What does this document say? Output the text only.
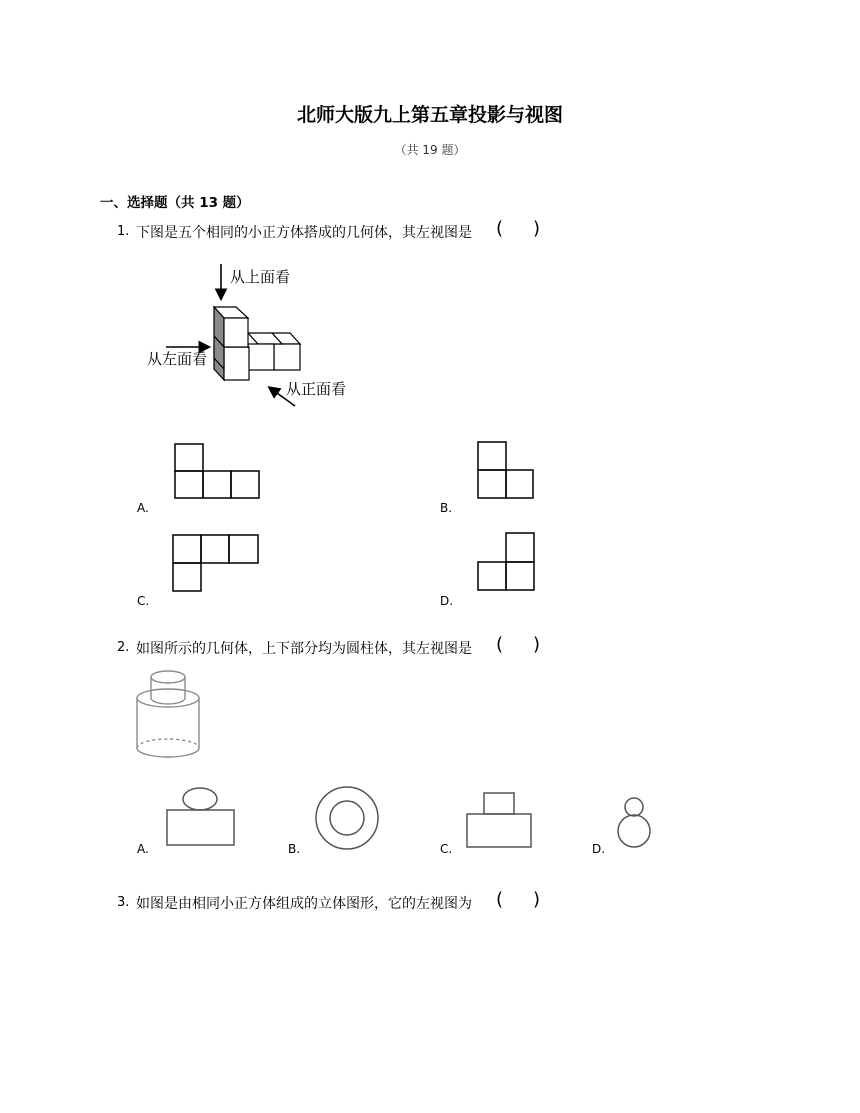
北师大版九上第五章投影与视图
（共 19 题）
一、选择题（共 13 题）
1. 下图是五个相同的小正方体搭成的几何体，其左视图是 ( )
从上面看
从左面看
从正面看
A.	B.
C.	D.
2. 如图所示的几何体，上下部分均为圆柱体，其左视图是 ( )
A.	B.	C.	D.
3. 如图是由相同小正方体组成的立体图形，它的左视图为 ( )
